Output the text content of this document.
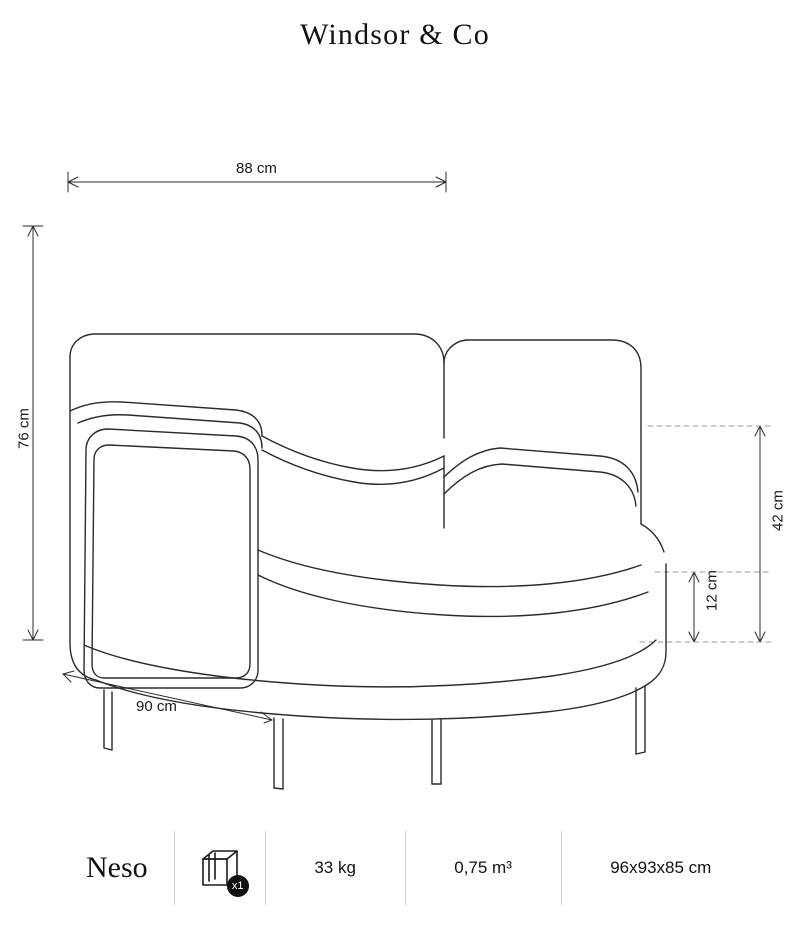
Windsor & Co
88 cm
76 cm
90 cm
42 cm
12 cm
Neso
x1
33 kg	0,75 m³	96x93x85 cm
